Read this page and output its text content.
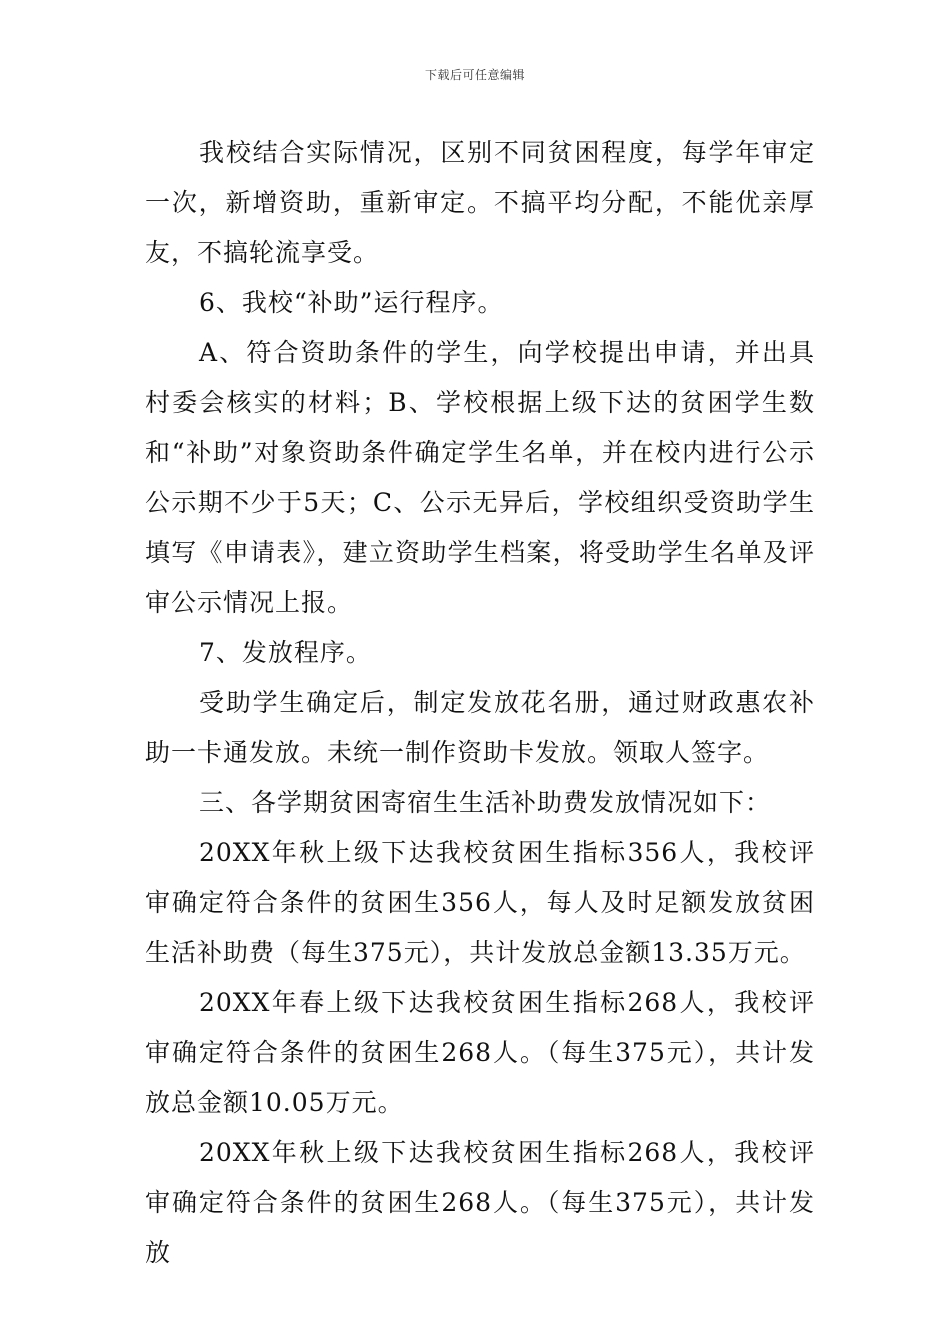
下载后可任意编辑

我校结合实际情况，区别不同贫困程度，每学年审定一次，新增资助，重新审定。不搞平均分配，不能优亲厚友，不搞轮流享受。

6、我校“补助”运行程序。

A、符合资助条件的学生，向学校提出申请，并出具村委会核实的材料；B、学校根据上级下达的贫困学生数和“补助”对象资助条件确定学生名单，并在校内进行公示公示期不少于5天；C、公示无异后，学校组织受资助学生填写《申请表》，建立资助学生档案，将受助学生名单及评审公示情况上报。

7、发放程序。

受助学生确定后，制定发放花名册，通过财政惠农补助一卡通发放。未统一制作资助卡发放。领取人签字。

三、各学期贫困寄宿生生活补助费发放情况如下：

20XX年秋上级下达我校贫困生指标356人，我校评审确定符合条件的贫困生356人，每人及时足额发放贫困生活补助费（每生375元），共计发放总金额13.35万元。

20XX年春上级下达我校贫困生指标268人，我校评审确定符合条件的贫困生268人。（每生375元），共计发放总金额10.05万元。

20XX年秋上级下达我校贫困生指标268人，我校评审确定符合条件的贫困生268人。（每生375元），共计发放
